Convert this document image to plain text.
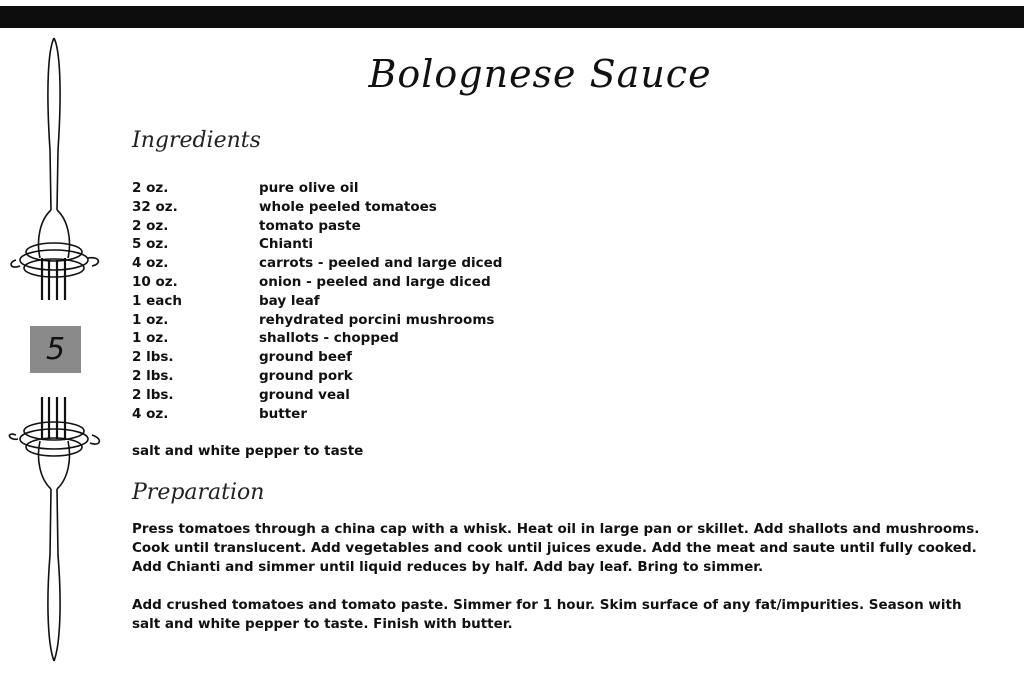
5
Bolognese Sauce
Ingredients
2 oz.	pure olive oil
32 oz.	whole peeled tomatoes
2 oz.	tomato paste
5 oz.	Chianti
4 oz.	carrots - peeled and large diced
10 oz.	onion - peeled and large diced
1 each	bay leaf
1 oz.	rehydrated porcini mushrooms
1 oz.	shallots - chopped
2 lbs.	ground beef
2 lbs.	ground pork
2 lbs.	ground veal
4 oz.	butter
salt and white pepper to taste
Preparation

Press tomatoes through a china cap with a whisk. Heat oil in large pan or skillet. Add shallots and mushrooms. Cook until translucent. Add vegetables and cook until juices exude. Add the meat and saute until fully cooked. Add Chianti and simmer until liquid reduces by half. Add bay leaf. Bring to simmer.

Add crushed tomatoes and tomato paste. Simmer for 1 hour. Skim surface of any fat/impurities. Season with salt and white pepper to taste. Finish with butter.
